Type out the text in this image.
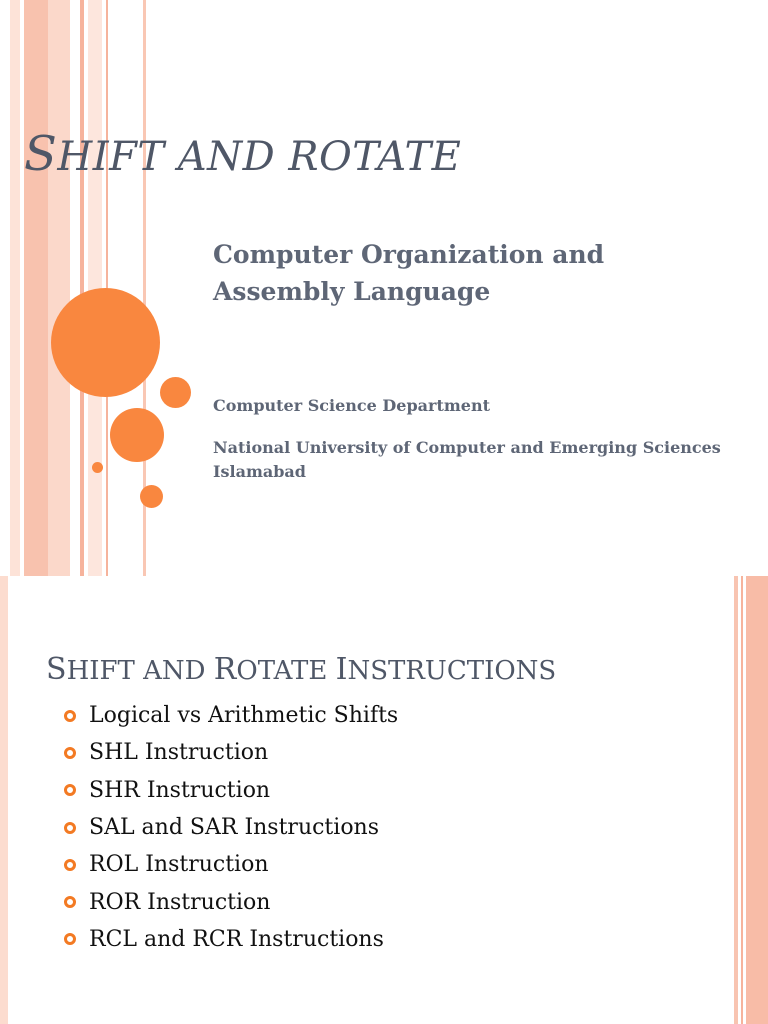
SHIFT AND ROTATE

Computer Organization and Assembly Language

Computer Science Department

National University of Computer and Emerging Sciences Islamabad

SHIFT AND ROTATE INSTRUCTIONS
Logical vs Arithmetic Shifts
SHL Instruction
SHR Instruction
SAL and SAR Instructions
ROL Instruction
ROR Instruction
RCL and RCR Instructions
